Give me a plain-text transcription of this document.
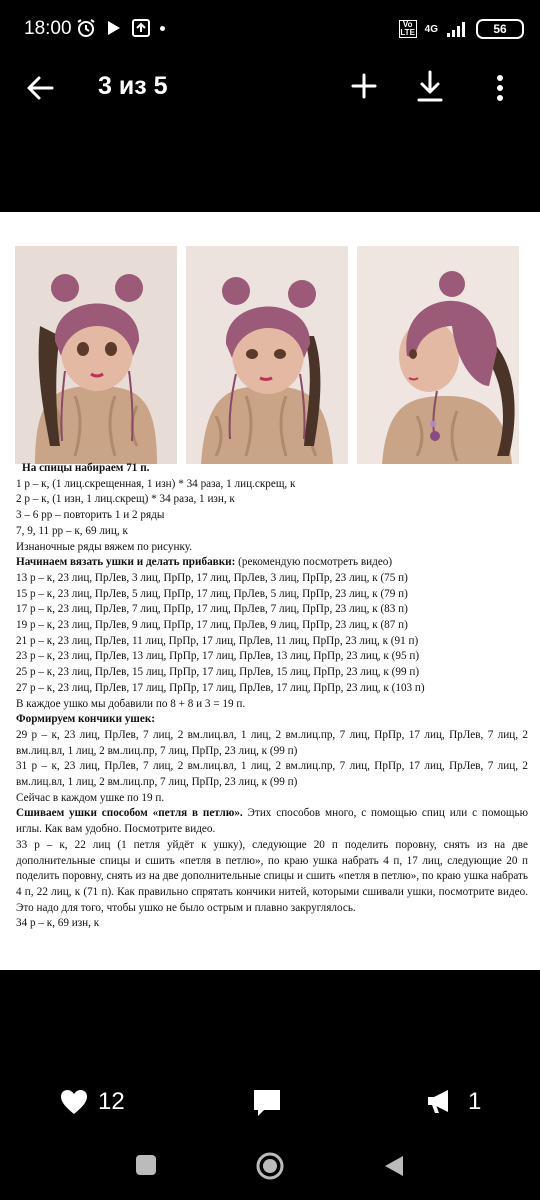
18:00	Vo LTE 4G	56
3 из 5

На спицы набираем 71 п.

1 р – к, (1 лиц.скрещенная, 1 изн) * 34 раза, 1 лиц.скрещ, к

2 р – к, (1 изн, 1 лиц.скрещ) * 34 раза, 1 изн, к

3 – 6 рр – повторить 1 и 2 ряды

7, 9, 11 рр – к, 69 лиц, к

Изнаночные ряды вяжем по рисунку.

Начинаем вязать ушки и делать прибавки: (рекомендую посмотреть видео)

13 р – к, 23 лиц, ПрЛев, 3 лиц, ПрПр, 17 лиц, ПрЛев, 3 лиц, ПрПр, 23 лиц, к (75 п)

15 р – к, 23 лиц, ПрЛев, 5 лиц, ПрПр, 17 лиц, ПрЛев, 5 лиц, ПрПр, 23 лиц, к (79 п)

17 р – к, 23 лиц, ПрЛев, 7 лиц, ПрПр, 17 лиц, ПрЛев, 7 лиц, ПрПр, 23 лиц, к (83 п)

19 р – к, 23 лиц, ПрЛев, 9 лиц, ПрПр, 17 лиц, ПрЛев, 9 лиц, ПрПр, 23 лиц, к (87 п)

21 р – к, 23 лиц, ПрЛев, 11 лиц, ПрПр, 17 лиц, ПрЛев, 11 лиц, ПрПр, 23 лиц, к (91 п)

23 р – к, 23 лиц, ПрЛев, 13 лиц, ПрПр, 17 лиц, ПрЛев, 13 лиц, ПрПр, 23 лиц, к (95 п)

25 р – к, 23 лиц, ПрЛев, 15 лиц, ПрПр, 17 лиц, ПрЛев, 15 лиц, ПрПр, 23 лиц, к (99 п)

27 р – к, 23 лиц, ПрЛев, 17 лиц, ПрПр, 17 лиц, ПрЛев, 17 лиц, ПрПр, 23 лиц, к (103 п)

В каждое ушко мы добавили по 8 + 8 и 3 = 19 п.

Формируем кончики ушек:

29 р – к, 23 лиц, ПрЛев, 7 лиц, 2 вм.лиц.вл, 1 лиц, 2 вм.лиц.пр, 7 лиц, ПрПр, 17 лиц, ПрЛев, 7 лиц, 2 вм.лиц.вл, 1 лиц, 2 вм.лиц.пр, 7 лиц, ПрПр, 23 лиц, к (99 п)

31 р – к, 23 лиц, ПрЛев, 7 лиц, 2 вм.лиц.вл, 1 лиц, 2 вм.лиц.пр, 7 лиц, ПрПр, 17 лиц, ПрЛев, 7 лиц, 2 вм.лиц.вл, 1 лиц, 2 вм.лиц.пр, 7 лиц, ПрПр, 23 лиц, к (99 п)

Сейчас в каждом ушке по 19 п.

Сшиваем ушки способом «петля в петлю». Этих способов много, с помощью спиц или с помощью иглы. Как вам удобно. Посмотрите видео.

33 р – к, 22 лиц (1 петля уйдёт к ушку), следующие 20 п поделить поровну, снять из на две дополнительные спицы и сшить «петля в петлю», по краю ушка набрать 4 п, 17 лиц, следующие 20 п поделить поровну, снять из на две дополнительные спицы и сшить «петля в петлю», по краю ушка набрать 4 п, 22 лиц, к (71 п). Как правильно спрятать кончики нитей, которыми сшивали ушки, посмотрите видео. Это надо для того, чтобы ушко не было острым и плавно закруглялось.

34 р – к, 69 изн, к

12	1
